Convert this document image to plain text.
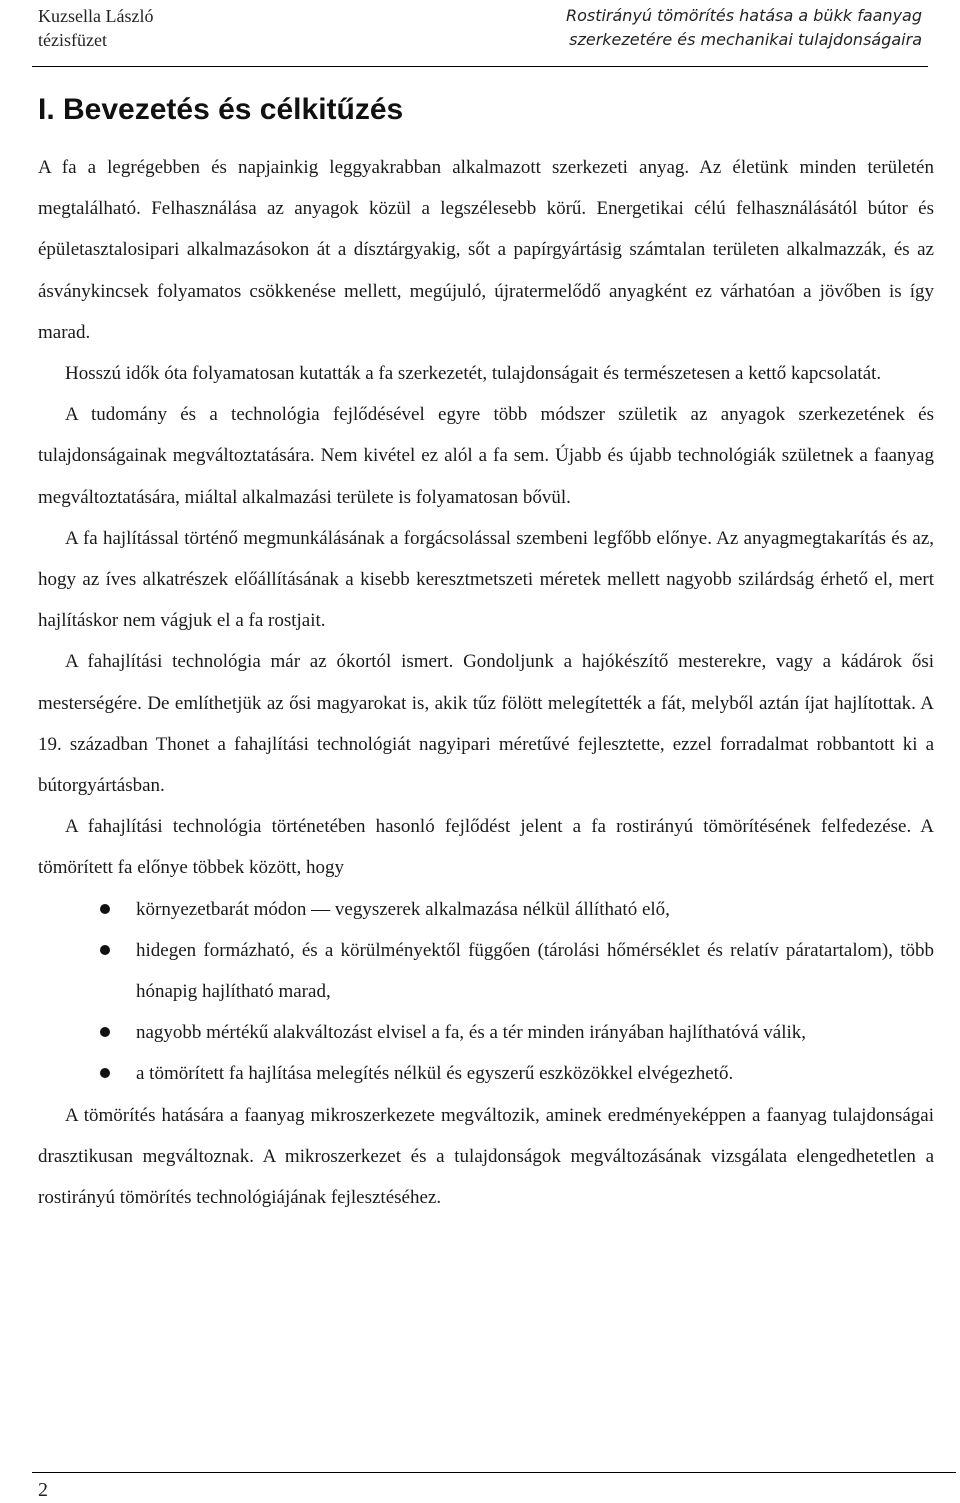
Kuzsella László
tézisfüzet
Rostirányú tömörítés hatása a bükk faanyag
szerkezetére és mechanikai tulajdonságaira
I. Bevezetés és célkitűzés

A fa a legrégebben és napjainkig leggyakrabban alkalmazott szerkezeti anyag. Az életünk minden területén megtalálható. Felhasználása az anyagok közül a legszélesebb körű. Energetikai célú felhasználásától bútor és épületasztalosipari alkalmazásokon át a dísztárgyakig, sőt a papírgyártásig számtalan területen alkalmazzák, és az ásványkincsek folyamatos csökkenése mellett, megújuló, újratermelődő anyagként ez várhatóan a jövőben is így marad.

Hosszú idők óta folyamatosan kutatták a fa szerkezetét, tulajdonságait és természetesen a kettő kapcsolatát.

A tudomány és a technológia fejlődésével egyre több módszer születik az anyagok szerkezetének és tulajdonságainak megváltoztatására. Nem kivétel ez alól a fa sem. Újabb és újabb technológiák születnek a faanyag megváltoztatására, miáltal alkalmazási területe is folyamatosan bővül.

A fa hajlítással történő megmunkálásának a forgácsolással szembeni legfőbb előnye. Az anyagmegtakarítás és az, hogy az íves alkatrészek előállításának a kisebb keresztmetszeti méretek mellett nagyobb szilárdság érhető el, mert hajlításkor nem vágjuk el a fa rostjait.

A fahajlítási technológia már az ókortól ismert. Gondoljunk a hajókészítő mesterekre, vagy a kádárok ősi mesterségére. De említhetjük az ősi magyarokat is, akik tűz fölött melegítették a fát, melyből aztán íjat hajlítottak. A 19. században Thonet a fahajlítási technológiát nagyipari méretűvé fejlesztette, ezzel forradalmat robbantott ki a bútorgyártásban.

A fahajlítási technológia történetében hasonló fejlődést jelent a fa rostirányú tömörítésének felfedezése. A tömörített fa előnye többek között, hogy

környezetbarát módon — vegyszerek alkalmazása nélkül állítható elő,
hidegen formázható, és a körülményektől függően (tárolási hőmérséklet és relatív páratartalom), több hónapig hajlítható marad,
nagyobb mértékű alakváltozást elvisel a fa, és a tér minden irányában hajlíthatóvá válik,
a tömörített fa hajlítása melegítés nélkül és egyszerű eszközökkel elvégezhető.

A tömörítés hatására a faanyag mikroszerkezete megváltozik, aminek eredményeképpen a faanyag tulajdonságai drasztikusan megváltoznak. A mikroszerkezet és a tulajdonságok megváltozásának vizsgálata elengedhetetlen a rostirányú tömörítés technológiájának fejlesztéséhez.

2
